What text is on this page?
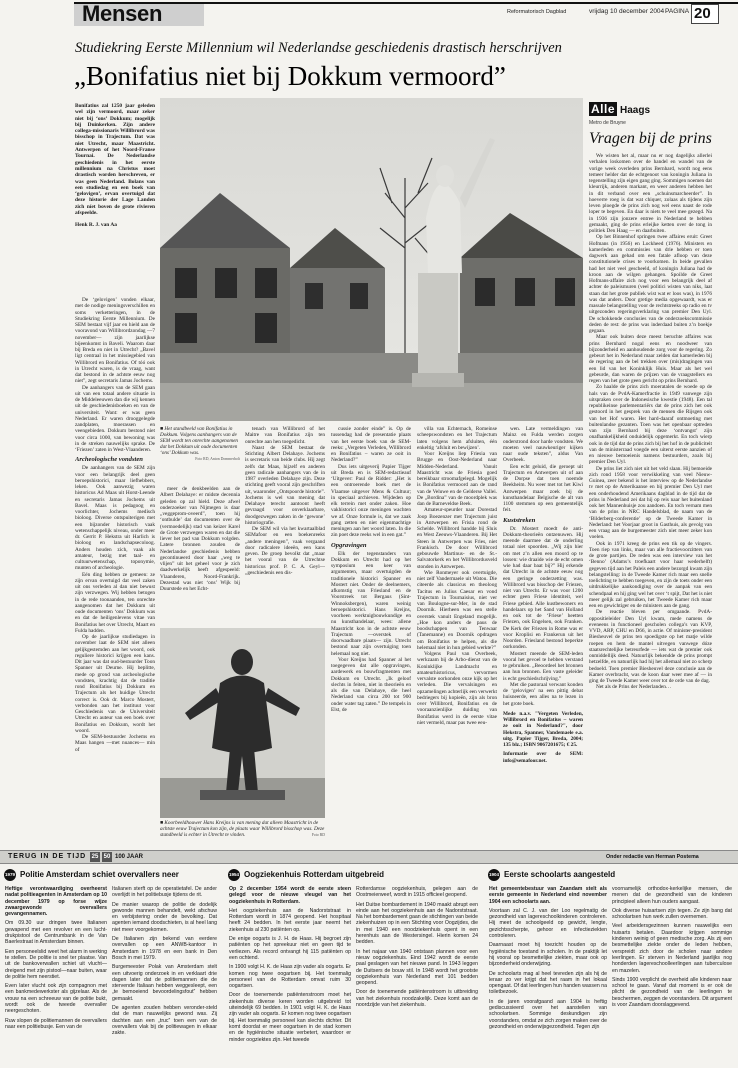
Mensen	Reformatorisch Dagblad	vrijdag 10 december 2004 PAGINA 20
Studiekring Eerste Millennium wil Nederlandse geschiedenis drastisch herschrijven
„Bonifatius niet bij Dokkum vermoord”
Alle Haags
Metro de Bruyne
Vragen bij de prins

We wisten het al, maar nu er nog dagelijks allerlei verhalen loskomen over de handel en wandel van de vorige week overleden prins Bernhard, wordt nog eens temeer helder dat de echtgenoot van koningin Juliana in tegenstelling zijn eigen gang ging. Sommigen noemen dat kleurrijk, anderen markant, en weer anderen hebben het in dit verband over een „schuinsmarcheerder”. In hoeverre roeg is dat wat chiquer, zolaas als tijdens zijn leven ploegde de prins zich nog wel eens naast de rode loper te begeven. En daar is niets te veel mee gezegd. Na in 1936 zijn jonzere entree in Nederland te hebben gemaakt, ging de prins erleijke ketten over de tong in politiek Den Haag — en daarbuiten.

Op het Binnenhof springen twee affaires eruit: Greet Hofmans (in 1956) en Lockheed (1976). Ministers en kamerleden en commissies van drie hebben er toen dagwerk aan gehad om een fatale afloop van deze constitutionele crises te voorkomen. In beide gevallen had het niet veel gescheeld, of koningin Juliana had de kroon aan de wilgen gehangen. Spoilde de Greet Hofmans-affaire zich nog voor een belangrijk deel af achter de paleismuren (veel politici wisten van niks, laat staan dat het grote publiek wist wat er loos was), in 1976 was dat anders. Door gretige media opgewaardt, was er massale belangstelling voor de rechtstreeks op radio en tv uitgezonden regeringsverklaring van premier Den Uyl. De schokkende conclusies van de onderzoekscommissie deden de rest: de prins was inderdaad buiten z’n boekje gegaan.

Maar ook buiten deze meest beruchte affaires was prins Bernhard nogal eens en noodweer van bijzonderheid en aanhoudende zorg voor de regering. Zo gebeurt het in Nederland maar zelden dat kamerleden bij de regering aan de bel trekken over (mis)dragingen van een lid van het Koninklijk Huis. Maar als het wel gebeurde, dan waren de prijzen van de vraagstellers en regen van het grote geen gericht op prins Bernhard.

Zo haalde de prins zich moeratalen de woede op de hals van de PvdA-Kamerfractie in 1949 vanwege zijn uitspraken over de Indonesische kwestie (1948). Een tal republikeinse parlementariërs dat de prins zich het ook gestoord in het gesprek van de mensen die Rijsgen ook van het Hof waren. Het hard-daaraf ontmoeting met buitenlandse gezanten. Toen was het openbaar optreden van zijn Bernhard bij deze ‘ontvangst’ zijn onafhankelijkheid onduidelijk opgemerkt. En toch wierp ook in de tijd dat de prins zich bij het hof in de publiciteit van de ministerraad voegde een uiterst eerste aanzien of en nieuwe bemoeienis namens bestuurders, zoals bij premier Den Uyl.

De prins liet zich niet uit het veld slaan. Hij bemoeide zich rond 1958 voor verwikkeling van veel Nieuw-Guinea, zeer bekend is het interview op de Nederlandse tv met op de Amerikaanse en bij premier Den Uyl met een onderhoudend Amerikaans dagblad in de tijd dat de prins in Nederland zei dat hij op reis naar het buitenland ook het Mannenhuisje zou aandoen. En toch vernam men van de prins in NRC Handelsblad, de naam van de ‘Bilderberg-conferentie’ op de Tweede Kamer in Nederland: het Voorjaar groot in Gasthuis, als gevolg van een vraag aan de burgemeester zich niet meer zeker kon voelen.

Ook in 1971 kreeg de prins een tik op de vingers. Toen riep van links, maar van alle fractievoorzitters van de grote partijen. De reden was een interview van het ‘Benno’ (Adams’s troefkaart voor haar wederhelft) gegeven tijd aan het Paleis een andere bezorgd kwam zijn belangstelling: in de Tweede Kamer rich maar een snelle toelichting te hebben toegeven, en zijn de toets onder een uitdrukkelijke aankondiging over de aanpak van een schendpaal en hij ging wel het over ‘t spijt, Dat het is niet meer gelijk zal gebruiken, het Tweede Kamer rich maar een en gewichtiger en de ministers aan de gang.

De reactie bleven per omgaande. PvdA-oppositieleider Den Uyl kwam, mede namens de eveneens in functioneel gescholen collega’s van KVP, VVD, ARP, CHU en D66, in actie. Of minister-president Biesheuvel de prins ten spoedigste op het matje wilde roepen en hem de mantel uitvegen vanwege dóze staatsrechtelijke betreurfede — iets wat de premier ook onmiddellijk deed. Natuurlijk bekendde de prins prompt hetzelfde, en natuurlijk had hij het allemaal niet zo scherp bedoeld. Toen premier Biesheuvel deze conclusie aan de Kamer overbracht, was de koon daar weer mee af — in ging de Tweede Kamer weer over tot de orde van de dag.

Net als de Prins der Nederlanden…

Bonifatius zal 1250 jaar geleden wel zijn vermoord, maar zeker niet bij ‘ons’ Dokkum; mogelijk bij Duinkerken. Zijn andere collega-missionaris Willibrord was bisschop in Trajectum. Dat was niet Utrecht, maar Maastricht. Antwerpen of het Noord-Franse Tournai. De Nederlandse geschiedenis in het eerste millennium na Christus moet drastisch worden herschreven, er was geen Nederland. Bolans van een studiedag en een boek van ‘gelovigen’, ervan overtuigd dat deze historie der Lage Landen zich níet boven de grote rivieren afspeelde.

Henk R. J. van Aa

De ‘gelovigen’ vonden elkaar, met de nodige meningsverschillen en soms verketteringen, in de Studiekring Eerste Millennium. De SEM bestaat vijf jaar en hield aan de vooravond van Willibrordzondag —7 november— zijn jaarlijkse bijeenkomst in Baveli. Waarom daar bij Breda en niet in Utrecht? „Bavel ligt centraal in het missiegebied van Willibrord en Bonifatius. Of tóó ook in Utrecht waren, is de vraag, want dat bestond in de achtste eeuw nog niet”, zegt secretaris Jamas Jochems.

De aanhangers van de SEM gaan uit van een totaal andere situatie in de Middeleeuwen dan die wij kennen uit de geschiedenisboeken en van de universiteit. Want: er was geen Nederland. Er waren drooggelegde zandplaten, moerassen en veengebieden. Dokkum bestond niet voor circa 1000, van bewoning was in de streken nauwelijks sprake. De ‘Friezen’ zaten in West-Vlaanderen.

Archeologische vondsten

De aanhangers van de SEM zijn voor een belangrijk deel geen beroepshistorici, maar liefhebbers, leken. Ook aanwezig waren historicus Ad Maas uit Horst-Leende en secretaris Jamas Jochems uit Bavel. Maas is pedagoog en voorlichter, Jochems medisch bioloog. Diverse ontspuiterigen met een bijzonder historisch vaak wetenschappelijk niveau, onder meer dr. Gerrit P. Hekstra uit Harlich is bioloog en landschapsecoloog. Anders houden zich, vaak als amateur, bezig met taal- en cultuurwetenschap, toponymie, munten of archeologie.

Eén ding hebben ze gemeen: ze zijn ervan overtuigd dat veel zaken uit ons verleden al dan niet bewust zijn verzwegen. Wij hebben betogen in de rede toonaanden, ten onrechte aangenomen dat het Dokkum uit oude documenten ‘ons’ Dokkum was en dat de heiligenlevens vitae van Bonifatius het over Utrecht, Maart en Fulda hadden.

Op de jaarlijkse studiedagen in november laat de SEM niet alleen gelijkgestemden aan het woord, ook reguliere historici krijgen een kans. Dit jaar was dat oud-bestuurder Toon Spanner uit Deurne. Hij beplitte, mede op grond van archeologische vondsten, krachtig dat de traditie rond Bonifatius bij Dokkum en Trajectum als het huidige Utrecht correct is. Ook dr. Marco Mostert, verbonden aan het instituut voor Geschiedenis van de Universiteit Utrecht en auteur van een boek over Bonifatius en Dokkum, wordt het woord.

De SEM-bestuurder Jochems en Maas hangen —met nuances— min of

■ Het standbeeld van Bonifatius in Dokkum. Volgens aanhangers van de SEM wordt ten onrechte aangenomen dat het Dokkum uit oude documenten ‘ons’ Dokkum was.
Foto RD, Anton Dommerholt

meer de denkbeelden aan de Albert Delahaye: er midste decennia geleden op zal hield. Deze afwel onderzoeker van Nijmegen is daar „veggeprom-oveerd”, toen hij ‘ontbulde’ dat documenten over de (vermoedelijk) stad van keizer Karel de Grote verzwegen waren en dat die liever het pad van Dokkum volgden. Latere bronnen zouden de Nederlandse geschiedenis hebben gecontinueerd door haar „weg te vlijen” uit het geheel voor je zich daadwerkelijk heeft afgespeeld: Vlaanderen, Noord-Frankrijk. Dezestad was niet ‘ons’ Wijk bij Duurstede en het Echt-

tenach van Willibrord of het Maitre van Bonifatius zijn ten onrechte aan hen toegedicht.

Naast de SEM bestaat de Stichting Albert Delahaye. Jochems is secretaris van beide clubs. Hij zegt zelfs dat Maas, hijzelf en anderen geen radicale aanhangers van de in 1987 overleden Delahaye zijn. Deze stichting geeft vooral zijn geschriften uit, waaronder „Ontspoorde historie”. Jochems is wel van mening dat Delahaye terecht aantoont heeft gevraagd voor onverklaarbare, doodgezwegen zaken in de ‘gewone’ historiografie.

De SEM wil via het kwartaalblad SEMafoor en een boekenreeks „andere meningen”, vaak vergaand door radicalere ideeën, een kans geven. De groep bevolkt dat „maar het vooral van de Utrechtse historicus prof. P. C. A. Geyl—„geschiedenis een dis-

cussie zonder einde” is. Op de tussendag had de presentatie plaats van het eerste boek van de SEM-reeks: „Vergeten Verleden, Willibrord en Bonifatius – waren ze ooit in Nederland?”

Dus iets uitgeverij Papier Tijger uit Breda en is SEM-redactieauf ‘Uitgever: Paul de Ridder: „Het is een ontroerende boek met de Vlaamse uitgever Mens & Cultuur; in speciaal archieven. Wijdeden op elk terrein met onder zaken. Hoe vakhistorici onze meningen wachten we af. Onze formule is, dat we zaak gang zetten en niet eigenmachtige meningen aan het woord laten. In die zin poet deze reeks wel in een gat.”

Opgravingen

Elk der tegenstanders van Dokkum en Utrecht had op het symposium een keer van argumenten, maar overtuigden de traditionele historici Spanner en Mostert niet. Onder de deelnemers, afkomstig van Friesland en de Voorstreek tot Bergaus (Sint-Winnoksbergen), waren weinig beroepshistorici. Hans Kreijns, voorheen werktuigbouwkundige en nu kunsthandelaar, wees: allene Maastricht kon in de achtste eeuw Trajectum —overstek of doorwaadbare plaats— zijn. Utrecht bestond naar zijn overtuiging toen helemaal nog niet.

Voor Kreijns had Spanner al het toegegeven dat alle opgravingen, aardewerk en bouwfragmenten met Dokkum en Utrecht. „Ik geloof slechts in feiten, niet in theorieën en als die van Delahaye, die heel Nederland van circa 200 tot 900 onder water tag zaten.” De tempels in Elst, de

villa van Echternach, Romeinse scheepswondsten en het Trajectum laten volgens hem afsluiten, één enkeltig ‘afsluit en bewijzen’.

Voor Kreijns liep Friesia van Brugge en Oost-Nederland naar Midden-Nederland. Vanuit Maastricht was de Friesia goed bereikbaar stroomafgelegd. Mogelijk is Bonifatius vermoord aan de rand van de Veluwe en de Gelderse Vallei. De „Bordina” van de moordplek was dan de Barneveldse Beek.

Amateur-speurder naar Dorestad Joop Boezenzer met Trajectum juist in Antwerpen en Frisia rond de Schelde. Willibrord handde bij Sluis en West Zeeuws-Vlaanderen. Bij Het Steen in Antwerpen was Fries, niet Frankisch. De door Willibrord gebouwde Martinus- en de St.-Salvatorkerk en het Willibrordusveld stonden in Antwerpen.

Wie Ronmeyer ook overtuigde, niet zelf Vandermaele uit Watou. Die citeerde als classicus en theoloog Tacitus en Julius Caesar en vond Trajectum in Tournaisius, niet ver van Boulogne-sur-Mer, in de stad Doornik. Hierheen was een stelle overstek vanuit Engeland mogelijk. „Hoe kon anders de paus de boodschappen van Tenwaar (Tanemanne) en Doornik opdragen om Bonifatius te helpen, als die helemaal niet in hun gebied werkte?”

Volgens Paul van Overbeek, werkzaam bij de Arbo-dienst van de Koninklijke Landmacht en amateurhistoricus, vervormen vervalste oorkonden onze kijk op het verleden. Die vervalsingen en opzamelingen achterlijk een verwerkt bedriegers bij kopieën, zijn als bron over Willibrord, Bonifatius en de vooraanzienlijke duiding van Bonifatius werd in de eerste vitae niet vermeld, maar pas twee eeu-

wen. Late vermeldingen van Mainz en Fulda werden zorgen onderstrond door harde vondsten. We moeten veel nauwkeuriger kijken naar oude teksten”, aldus Van Overbeek.

Een echt geluid, die geroept uit Trajectum en Antwerpen uit of aan de Dorpse dat toen noemde Beekheim. Nu weer met tot het Kiwi Antwerpen maar zoek bij de kunsthandelaar Belgische de alt van 1100 stemmen op een gemeentelijk feit.

Kuststreken

Dr. Mostert moedt de anti-Dokkum-theorieën ontzenuwen. Hij meende daarmee dat de onderling totaal niet spoorden. „Wij zijn hier om met z’n allen een moord op te lossen: wie draaide wie de echt omen wie had daar baat bij?” Hij erkende dat Utrecht in de achtste eeuw nog een geringe onderzetting was. Willibrord was bisschop der Friezen, niet van Utrecht. Er was voor 1200 echter geen Friese identiteit, wel Friese gebied. Alle kustbewoners en handelaars op het Sand van Holland en ook tot de ‘Friese’ heetten Friezen, ook Engelsen, ook Franken. De Kerk der Friezen in Rome was er voor Kroplisi en Frankerun uit het Noorden. Friesland bestond beperkte oorkonden.

Mostert meende de SEM-leden vooral het gevoel te hebben verstand te gebruiken. „Beoordeel het bronnen aan hun bronnen. Een vaste geleider is echt geschiedschrijving.”

Met die pastoraal verwant konden de ‘gelovigen’ na een pittig debat huisneerde, een alles na te lezen in het grote boek.

Mede n.a.v. "Vergeten Verleden, Willibrord en Bonifatius – waren ze ooit in Nederland?", door Hekstra, Spanner, Vandemaele e.a. uitg. Papier Tijger, Breda, 2004; 135 blz.; ISBN 9067201675; € 25.

Informatie over de SEM: info@semafoor.net.

■ Koorbeeldhouwer Hans Kreijns is van mening dat alleen Maastricht in de achtste eeuw Trajectum kon zijn, de plaats waar Willibrord bisschop was. Deze standbeeld is echter in Utrecht te vinden.	Foto RD
TERUG IN DE TIJD 25 50 100 JAAR	Onder redactie van Herman Postema
1979 Politie Amsterdam schiet overvallers neer

Heftige verontwaardiging overheerst nadat politieagenten in Amsterdam op 10 december 1979 op forse wijze zwaargewonde overvallers gevangennamen.

Om 09.30 uur dringen twee Italianen gewapend met een revolver en een lucht-drukpistool de Centrumbank in de Van Baerlestraat in Amsterdam binnen.

Een personeelslid weet het alarm in werking te stellen. De politie is snel ter plaatse. Van uit de bankoverwallen schiet uit vlucht—dreigend met zijn pistool—naar buiten, waar de politie hem neerstiet.

Even later vlucht ook zijn compagnon met een bankmedewerkster als gijzelaar. Als de vrouw na een schreeuw van de politie bukt, wordt ook de tweede overvaller neergeschoten.

Ruw slopen de politiemannen de overvallers naar een politiebusje. Een van de

Italianen sterft op de operatietafel. De ander overlijdt in het politiebusje tijdens de rit.

De manier waarop de politie de dodelijk gewonde mannen behandelt, wekt afschuw en verbijstering onder de bevolking. Dat agenten iemand doodschieten, is al heel lang niet meer voorgekomen.

De Italianen zijn bekend van eerdere overvallen op een ANWB-kantoor in Amsterdam in 1978 en een bank in Den Bosch in mei 1979.

Burgemeester Polak van Amsterdam stelt een uitvoerig onderzoek in en verklaart drie dagen later dat de politiemannen die de stervende Italiaan hebben weggesleept, een „te bemoeiend bevoordelingsfout” hebben gemaakt.

De agenten zouden hebben veronder-steld dat de man nauwelijks gewond was. Zij dachten aan een „truc” toen een van de overvallers vlak bij de politiewagen in elkaar zakte.

1954 Oogziekenhuis Rotterdam uitgebreid

Op 2 december 1954 wordt de eerste steen gelegd voor de nieuwe vleugel van het oogziekenhuis in Rotterdam.

Het oogziekenhuis aan de Nadorststraat in Rotterdam wordt in 1874 geopend. Het hospitaal heeft 24 bedden. In het eerste jaar neemt het ziekenhuis al 230 patiënten op.

De enige oogarts is J. H. de Haas. Hij begroet zijn patiënten op het spreekuur niet en geen tijd te verliezen. Als record ontvangt hij 115 patiënten op een ochtend.

In 1900 volgt H. K. de Haas zijn vader als oogarts. Er komen nog twee oogartsen bij. Het toenmalig personeel van de Rotterdam omvat ruim 30 oogartsen.

Door de toenemende patiëntenstroom moet het ziekenhuis diverse keren worden uitgebreid tot uiteindelijk 69 bedden. In 1901 volgt H. K. de Haas zijn vader als oogarts. Er komen nog twee oogartsen bij. Het toenmalig personeel kan slechts dichter. Dit komt doordat er meer oogartsen in de stad komen en de hygiënische situatie verbetert, waardoor er minder oogziektes zijn. Het tweede

Rotterdamse oogziekenhuis, gelegen aan de Oostmeierweef, wordt in 1915 officieel geopend.

Het Duitse bombardement in 1940 maakt abrupt een einde aan het oogziekenhuis aan de Nadorststraat. Na het bombardement gaan de stichtingen van beide ziekenhuizen op in een Stichting voor Oogzijdes, die in mei 1940 een noodziekenhuis opent in een herenhuis aan de Westersingel. Hierin komen 24 bedden.

In het najaar van 1940 ontstaan plannen voor een nieuw oogziekenhuis. Eind 1942 wordt de eerste paal geslagen van het nieuwe pand. In 1943 leggen de Duitsers de bouw stil. In 1948 wordt het grootste oogziekenhuis van Nederland met 101 bedden geopend.

Door de toenemende patiëntenstroom is uitbreiding van het ziekenhuis noodzakelijk. Deze komt aan de noordzijde van het ziekenhuis.

1904 Eerste schoolarts aangesteld

Het gemeentebestuur van Zaandam stelt als eerste gemeente in Nederland eind november 1904 een schoolarts aan.

Voortaan zal C. J. van der Loo regelmatig de gezondheid van lagereschoolkinderen controleren. Hij meet de schoolgeeld op gewicht, lengte, gezichtsscherpte, gehoor en infectieziekten controleren.

Daarnaast moet hij toezicht houden op de hygiënische toestand in scholen. In de praktijk let hij vooral op besmettelijke ziekten, maar ook op bijzonderheid onderwijzing.

De schoolarts mag al heel tevreden zijn als hij de leraar zo ver krijgt dat het raam in het lokaal opengaat. Of dat leerlingen hun handen wassen na toiletbezoek.

In de jaren voorafgaand aan 1904 is heftig gediscussieerd over het aanstellen van schoolartsen. Sommige deskundigen zijn voorstanders, omdat ze zich zorgen maken over de gezondheid en onderwijsgezondheid. Tegen zijn

voornamelijk orthodox-kerkelijke mensen, die menen dat de gezondheid van de kinderen principieel alleen hun ouders aangaat.

Ook diverse huisartsen zijn tegen. Ze zijn bang dat schoolartsen hun werk zullen overnemen.

Veel arbeidersgezinnen kunnen nauwelijks een huisarts betalen. Daardoor krijgen sommige kinderen weinig of geen medische zorg. Als zij een besmettelijke ziekte onder de leden hebben, verspreidt zich door de scholen naar andere leerlingen. Er sterven in Nederland jaarlijks nog honderden lagereschoolleerlingen aan tuberculose en mazelen.

Sinds 1900 verplicht de overheid alle kinderen naar school te gaan. Vanaf dat moment is er ook de plicht de gezondheid van de leerlingen te beschermen, zeggen de voorstanders. Dit argument is voor Zaandam doorslaggevend.
